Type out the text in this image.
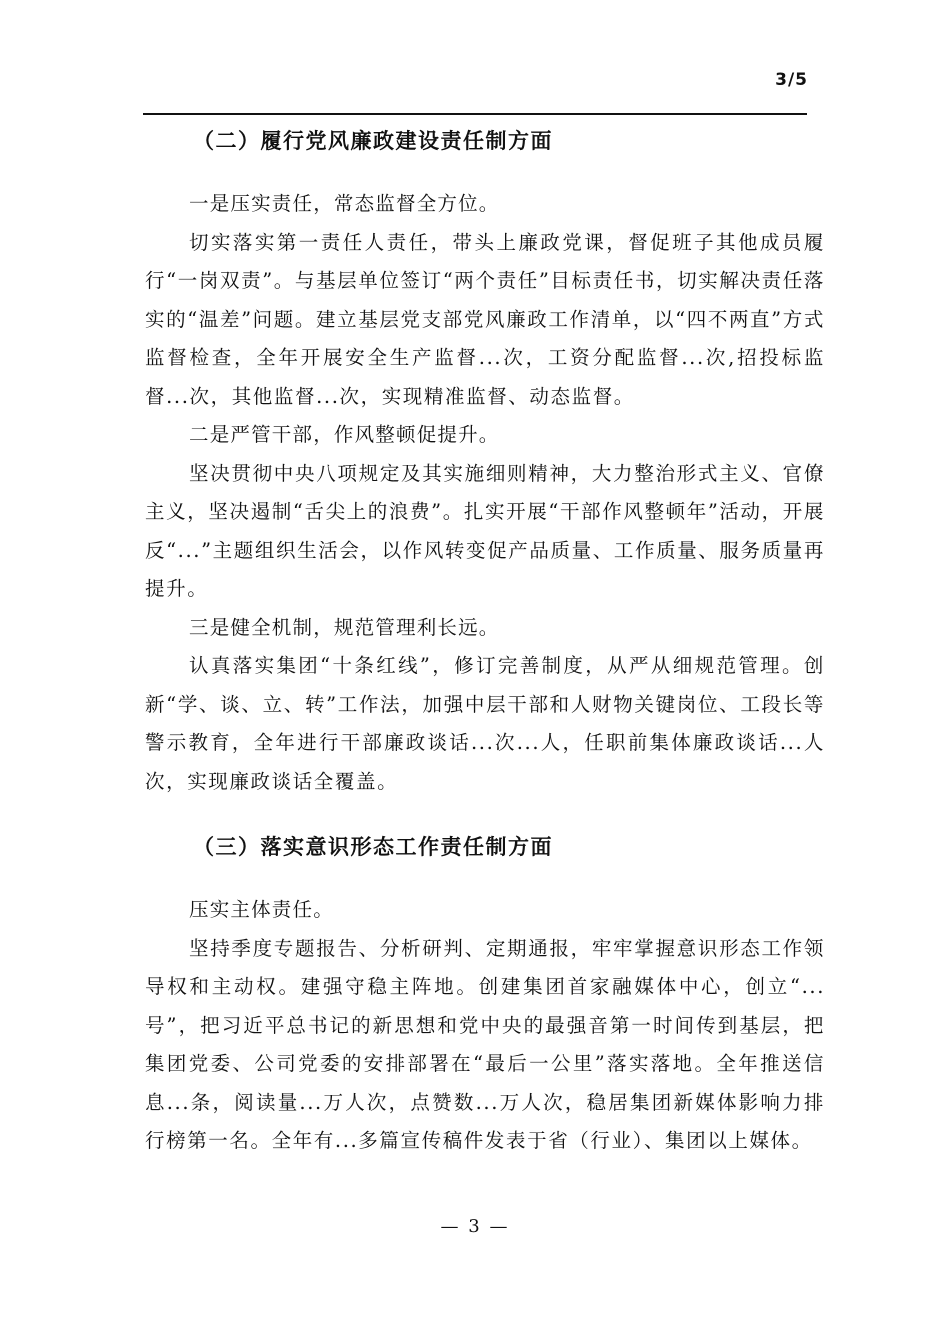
3/5
（二）履行党风廉政建设责任制方面

一是压实责任，常态监督全方位。

切实落实第一责任人责任，带头上廉政党课，督促班子其他成员履行“一岗双责”。与基层单位签订“两个责任”目标责任书，切实解决责任落实的“温差”问题。建立基层党支部党风廉政工作清单，以“四不两直”方式监督检查，全年开展安全生产监督...次，工资分配监督...次,招投标监督...次，其他监督...次，实现精准监督、动态监督。

二是严管干部，作风整顿促提升。

坚决贯彻中央八项规定及其实施细则精神，大力整治形式主义、官僚主义，坚决遏制“舌尖上的浪费”。扎实开展“干部作风整顿年”活动，开展反“...”主题组织生活会，以作风转变促产品质量、工作质量、服务质量再提升。

三是健全机制，规范管理利长远。

认真落实集团“十条红线”，修订完善制度，从严从细规范管理。创新“学、谈、立、转”工作法，加强中层干部和人财物关键岗位、工段长等警示教育，全年进行干部廉政谈话...次...人，任职前集体廉政谈话...人次，实现廉政谈话全覆盖。

（三）落实意识形态工作责任制方面

压实主体责任。

坚持季度专题报告、分析研判、定期通报，牢牢掌握意识形态工作领导权和主动权。建强守稳主阵地。创建集团首家融媒体中心，创立“...号”，把习近平总书记的新思想和党中央的最强音第一时间传到基层，把集团党委、公司党委的安排部署在“最后一公里”落实落地。全年推送信息...条，阅读量...万人次，点赞数...万人次，稳居集团新媒体影响力排行榜第一名。全年有...多篇宣传稿件发表于省（行业）、集团以上媒体。

— 3 —
